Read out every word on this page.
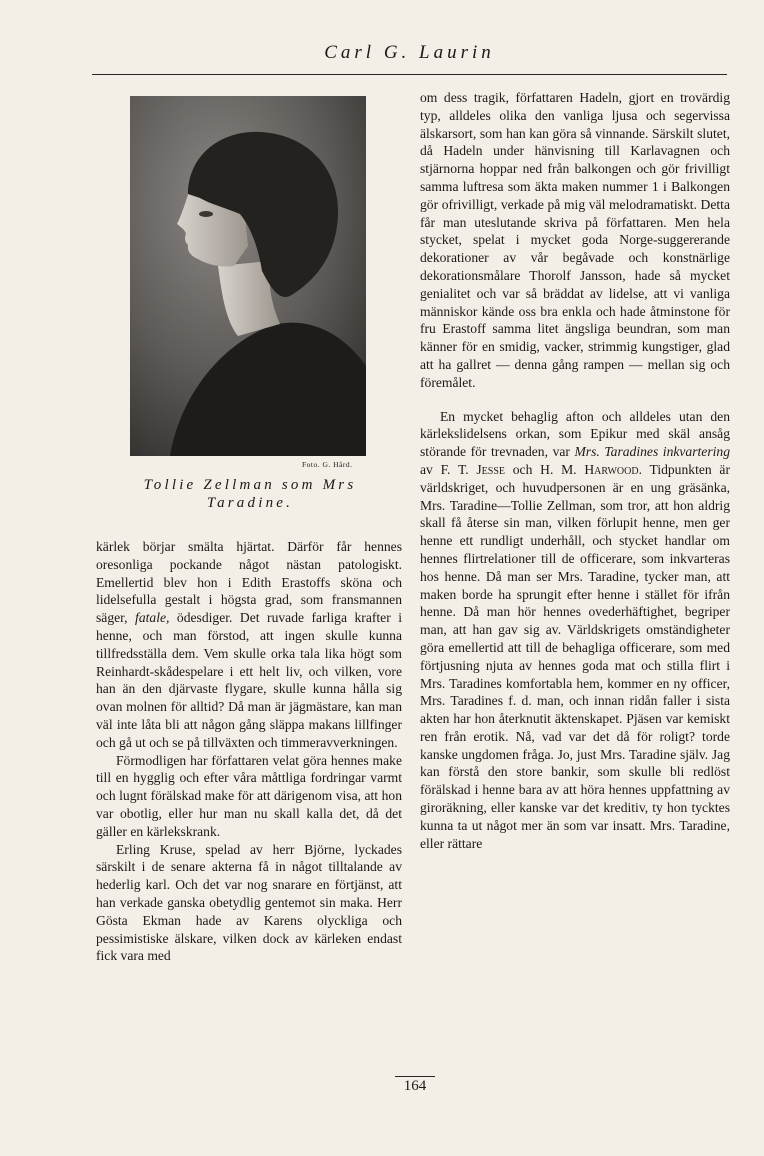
Carl G. Laurin
Foto. G. Hård.
Tollie Zellman som Mrs
Taradine.

kärlek börjar smälta hjärtat. Därför får hennes oresonliga pockande något nästan patologiskt. Emellertid blev hon i Edith Erastoffs sköna och lidelsefulla gestalt i högsta grad, som fransmannen säger, fatale, ödesdiger. Det ruvade farliga krafter i henne, och man förstod, att ingen skulle kunna tillfredsställa dem. Vem skulle orka tala lika högt som Reinhardt-skådespelare i ett helt liv, och vilken, vore han än den djärvaste flygare, skulle kunna hålla sig ovan molnen för alltid? Då man är jägmästare, kan man väl inte låta bli att någon gång släppa makans lillfinger och gå ut och se på tillväxten och timmeravverkningen.

Förmodligen har författaren velat göra hennes make till en hygglig och efter våra måttliga fordringar varmt och lugnt förälskad make för att därigenom visa, att hon var obotlig, eller hur man nu skall kalla det, då det gäller en kärlekskrank.

Erling Kruse, spelad av herr Björne, lyckades särskilt i de senare akterna få in något tilltalande av hederlig karl. Och det var nog snarare en förtjänst, att han verkade ganska obetydlig gentemot sin maka. Herr Gösta Ekman hade av Karens olyckliga och pessimistiske älskare, vilken dock av kärleken endast fick vara med

om dess tragik, författaren Hadeln, gjort en trovärdig typ, alldeles olika den vanliga ljusa och segervissa älskarsort, som han kan göra så vinnande. Särskilt slutet, då Hadeln under hänvisning till Karlavagnen och stjärnorna hoppar ned från balkongen och gör frivilligt samma luftresa som äkta maken nummer 1 i Balkongen gör ofrivilligt, verkade på mig väl melodramatiskt. Detta får man uteslutande skriva på författaren. Men hela stycket, spelat i mycket goda Norge-suggererande dekorationer av vår begåvade och konstnärlige dekorationsmålare Thorolf Jansson, hade så mycket genialitet och var så bräddat av lidelse, att vi vanliga människor kände oss bra enkla och hade åtminstone för fru Erastoff samma litet ängsliga beundran, som man känner för en smidig, vacker, strimmig kungstiger, glad att ha gallret — denna gång rampen — mellan sig och föremålet.

En mycket behaglig afton och alldeles utan den kärlekslidelsens orkan, som Epikur med skäl ansåg störande för trevnaden, var Mrs. Taradines inkvartering av F. T. Jesse och H. M. Harwood. Tidpunkten är världskriget, och huvudpersonen är en ung gräsänka, Mrs. Taradine—Tollie Zellman, som tror, att hon aldrig skall få återse sin man, vilken förlupit henne, men ger henne ett rundligt underhåll, och stycket handlar om hennes flirtrelationer till de officerare, som inkvarteras hos henne. Då man ser Mrs. Taradine, tycker man, att maken borde ha sprungit efter henne i stället för ifrån henne. Då man hör hennes ovederhäftighet, begriper man, att han gav sig av. Världskrigets omständigheter göra emellertid att till de behagliga officerare, som med förtjusning njuta av hennes goda mat och stilla flirt i Mrs. Taradines komfortabla hem, kommer en ny officer, Mrs. Taradines f. d. man, och innan ridån faller i sista akten har hon återknutit äktenskapet. Pjäsen var kemiskt ren från erotik. Nå, vad var det då för roligt? torde kanske ungdomen fråga. Jo, just Mrs. Taradine själv. Jag kan förstå den store bankir, som skulle bli redlöst förälskad i henne bara av att höra hennes uppfattning av giroräkning, eller kanske var det kreditiv, ty hon tycktes kunna ta ut något mer än som var insatt. Mrs. Taradine, eller rättare

164
